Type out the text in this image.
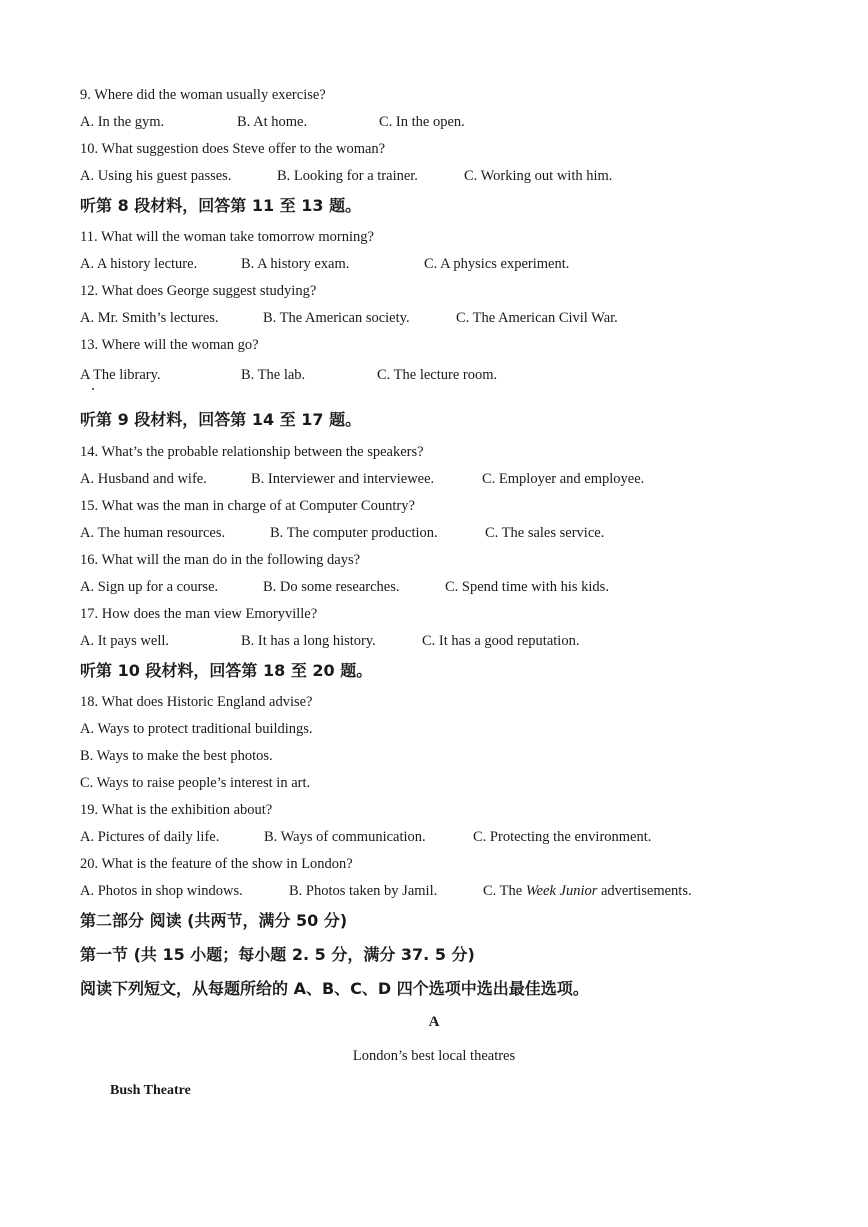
9. Where did the woman usually exercise?
A. In the gym.	B. At home.	C. In the open.
10. What suggestion does Steve offer to the woman?
A. Using his guest passes.	B. Looking for a trainer.	C. Working out with him.
听第 8 段材料，回答第 11 至 13 题。
11. What will the woman take tomorrow morning?
A. A history lecture.	B. A history exam.	C. A physics experiment.
12. What does George suggest studying?
A. Mr. Smith’s lectures.	B. The American society.	C. The American Civil War.
13. Where will the woman go?
A The library.	B. The lab.	C. The lecture room.
听第 9 段材料，回答第 14 至 17 题。
14. What’s the probable relationship between the speakers?
A. Husband and wife.	B. Interviewer and interviewee.	C. Employer and employee.
15. What was the man in charge of at Computer Country?
A. The human resources.	B. The computer production.	C. The sales service.
16. What will the man do in the following days?
A. Sign up for a course.	B. Do some researches.	C. Spend time with his kids.
17. How does the man view Emoryville?
A. It pays well.	B. It has a long history.	C. It has a good reputation.
听第 10 段材料，回答第 18 至 20 题。
18. What does Historic England advise?
A. Ways to protect traditional buildings.
B. Ways to make the best photos.
C. Ways to raise people’s interest in art.
19. What is the exhibition about?
A. Pictures of daily life.	B. Ways of communication.	C. Protecting the environment.
20. What is the feature of the show in London?
A. Photos in shop windows.	B. Photos taken by Jamil.	C. The Week Junior advertisements.
第二部分 阅读 (共两节，满分 50 分)
第一节 (共 15 小题；每小题 2. 5 分，满分 37. 5 分)
阅读下列短文，从每题所给的 A、B、C、D 四个选项中选出最佳选项。
A
London’s best local theatres
Bush Theatre
